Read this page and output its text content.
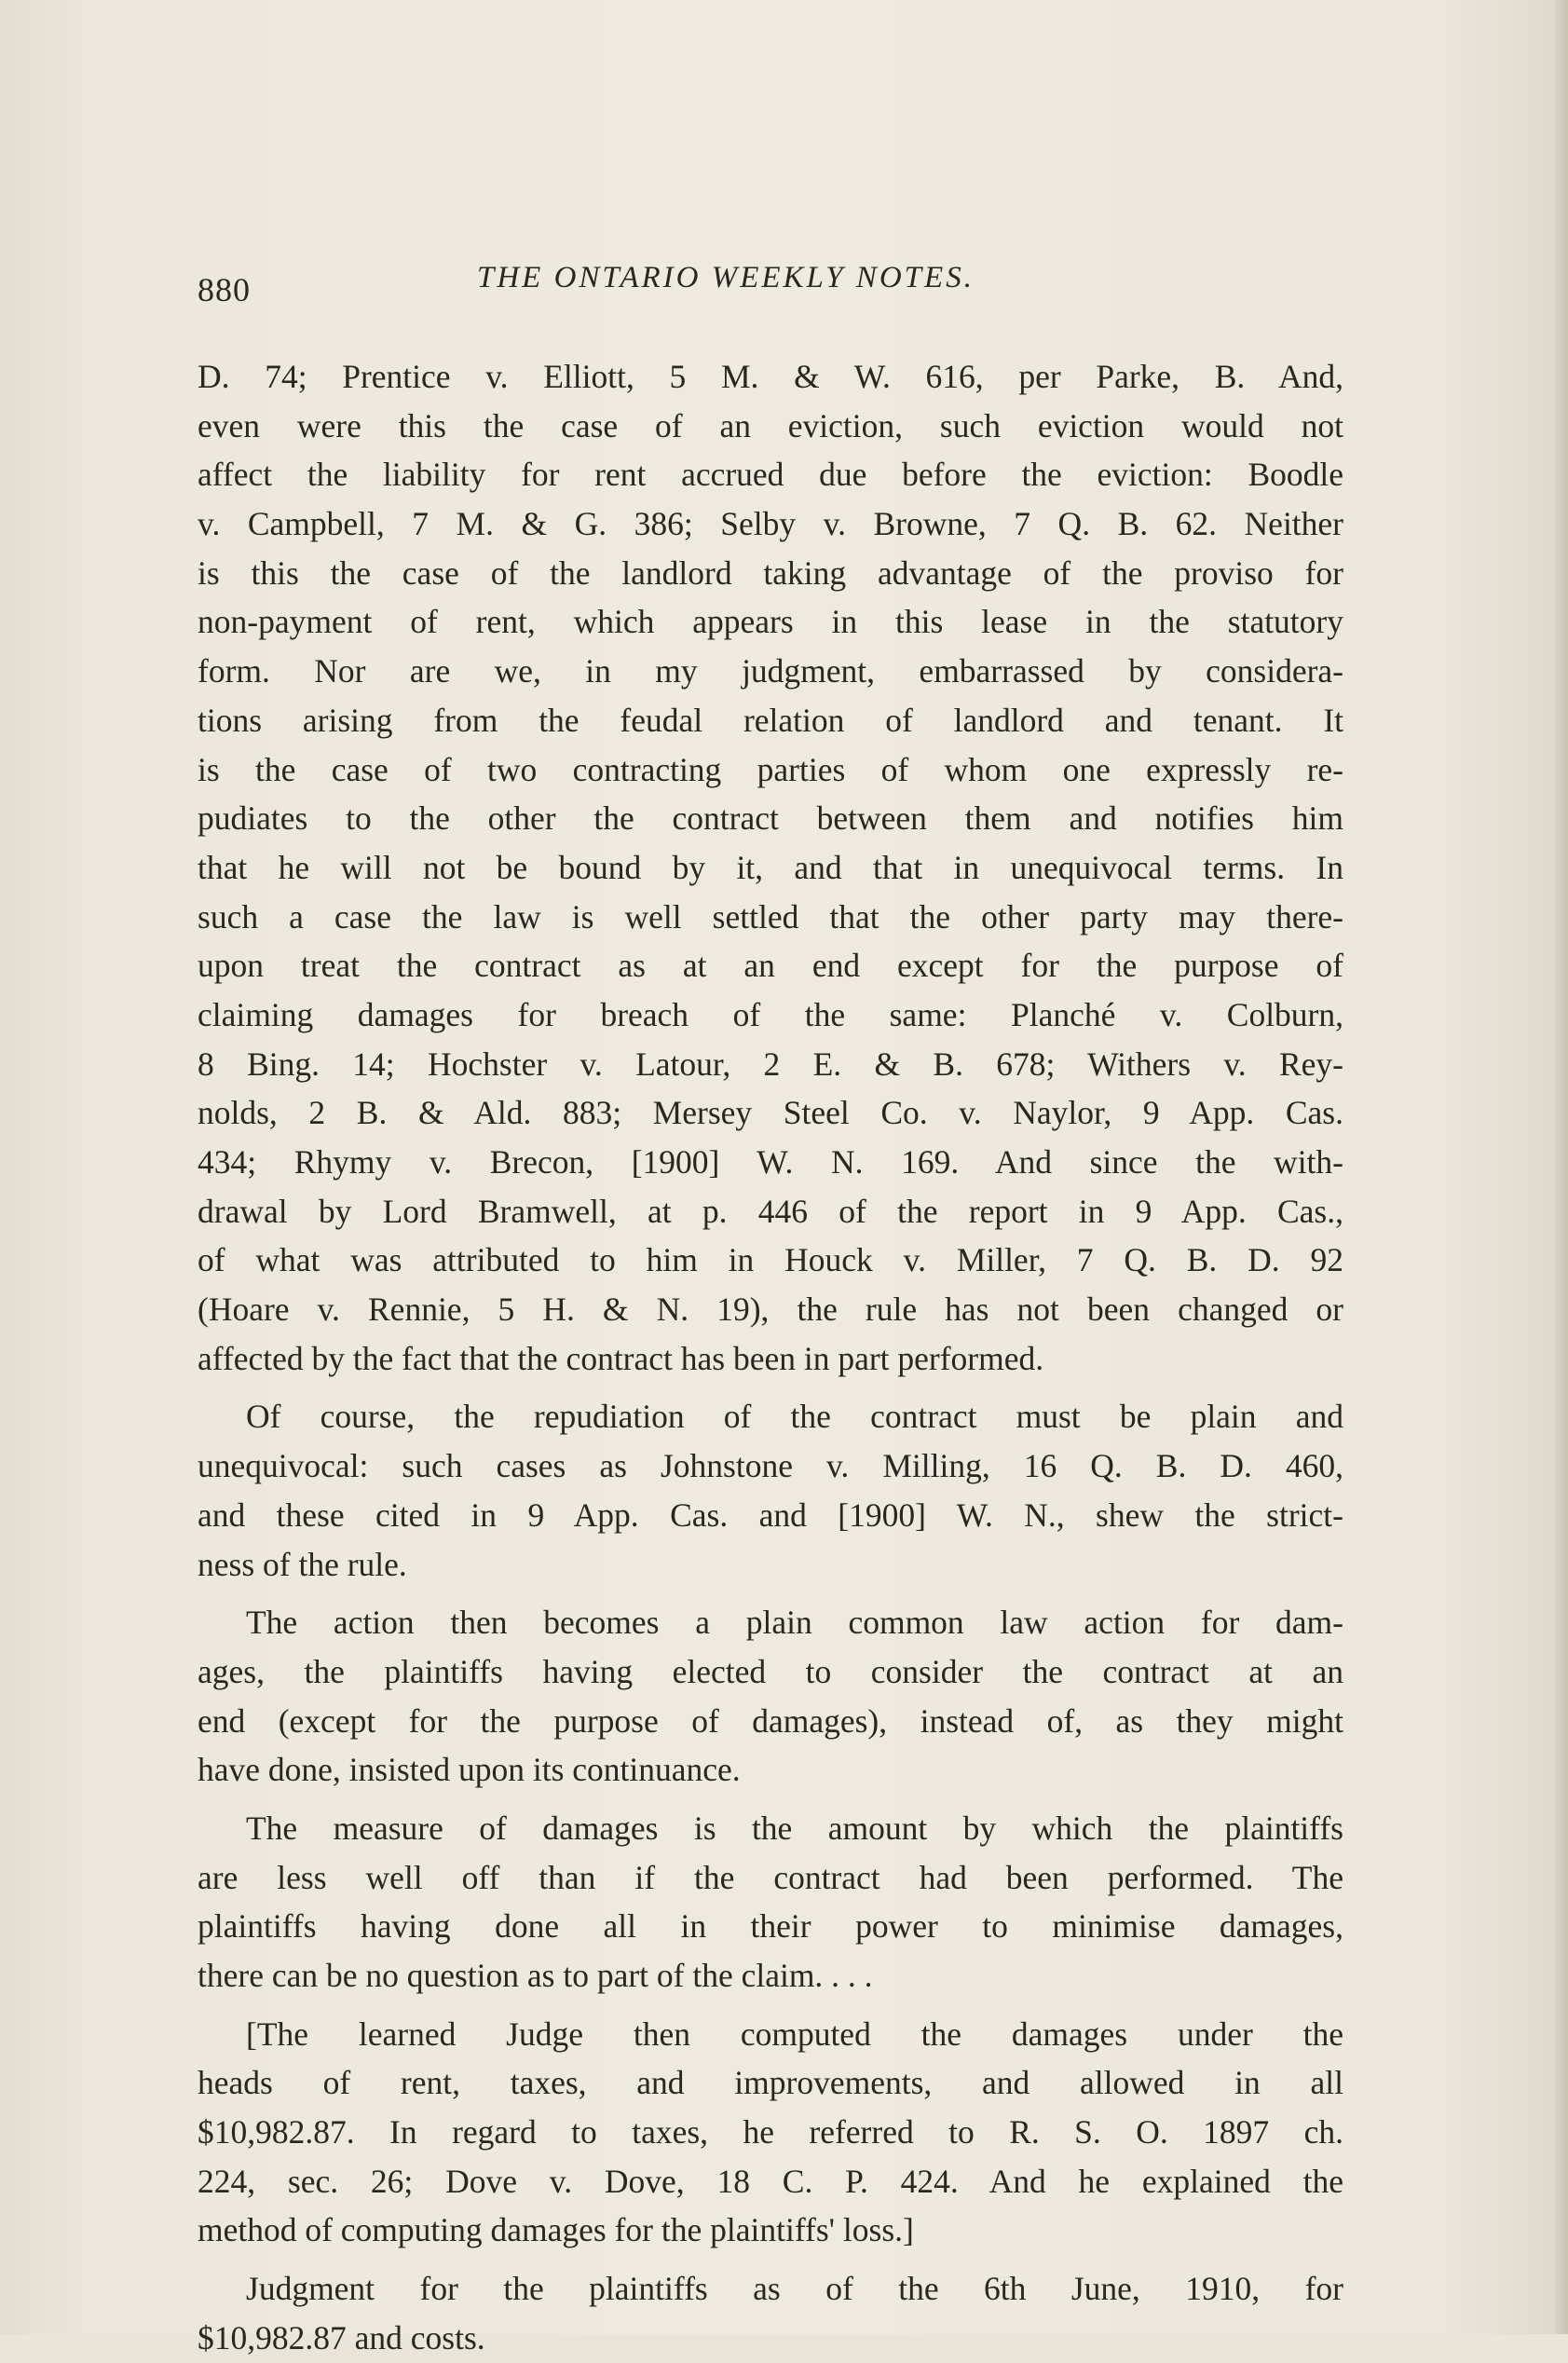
880	THE ONTARIO WEEKLY NOTES.
D. 74; Prentice v. Elliott, 5 M. & W. 616, per Parke, B. And,
even were this the case of an eviction, such eviction would not
affect the liability for rent accrued due before the eviction: Boodle
v. Campbell, 7 M. & G. 386; Selby v. Browne, 7 Q. B. 62. Neither
is this the case of the landlord taking advantage of the proviso for
non-payment of rent, which appears in this lease in the statutory
form. Nor are we, in my judgment, embarrassed by considera-
tions arising from the feudal relation of landlord and tenant. It
is the case of two contracting parties of whom one expressly re-
pudiates to the other the contract between them and notifies him
that he will not be bound by it, and that in unequivocal terms. In
such a case the law is well settled that the other party may there-
upon treat the contract as at an end except for the purpose of
claiming damages for breach of the same: Planché v. Colburn,
8 Bing. 14; Hochster v. Latour, 2 E. & B. 678; Withers v. Rey-
nolds, 2 B. & Ald. 883; Mersey Steel Co. v. Naylor, 9 App. Cas.
434; Rhymy v. Brecon, [1900] W. N. 169. And since the with-
drawal by Lord Bramwell, at p. 446 of the report in 9 App. Cas.,
of what was attributed to him in Houck v. Miller, 7 Q. B. D. 92
(Hoare v. Rennie, 5 H. & N. 19), the rule has not been changed or
affected by the fact that the contract has been in part performed.
Of course, the repudiation of the contract must be plain and
unequivocal: such cases as Johnstone v. Milling, 16 Q. B. D. 460,
and these cited in 9 App. Cas. and [1900] W. N., shew the strict-
ness of the rule.
The action then becomes a plain common law action for dam-
ages, the plaintiffs having elected to consider the contract at an
end (except for the purpose of damages), instead of, as they might
have done, insisted upon its continuance.
The measure of damages is the amount by which the plaintiffs
are less well off than if the contract had been performed. The
plaintiffs having done all in their power to minimise damages,
there can be no question as to part of the claim. . . .
[The learned Judge then computed the damages under the
heads of rent, taxes, and improvements, and allowed in all
$10,982.87. In regard to taxes, he referred to R. S. O. 1897 ch.
224, sec. 26; Dove v. Dove, 18 C. P. 424. And he explained the
method of computing damages for the plaintiffs' loss.]
Judgment for the plaintiffs as of the 6th June, 1910, for
$10,982.87 and costs.
